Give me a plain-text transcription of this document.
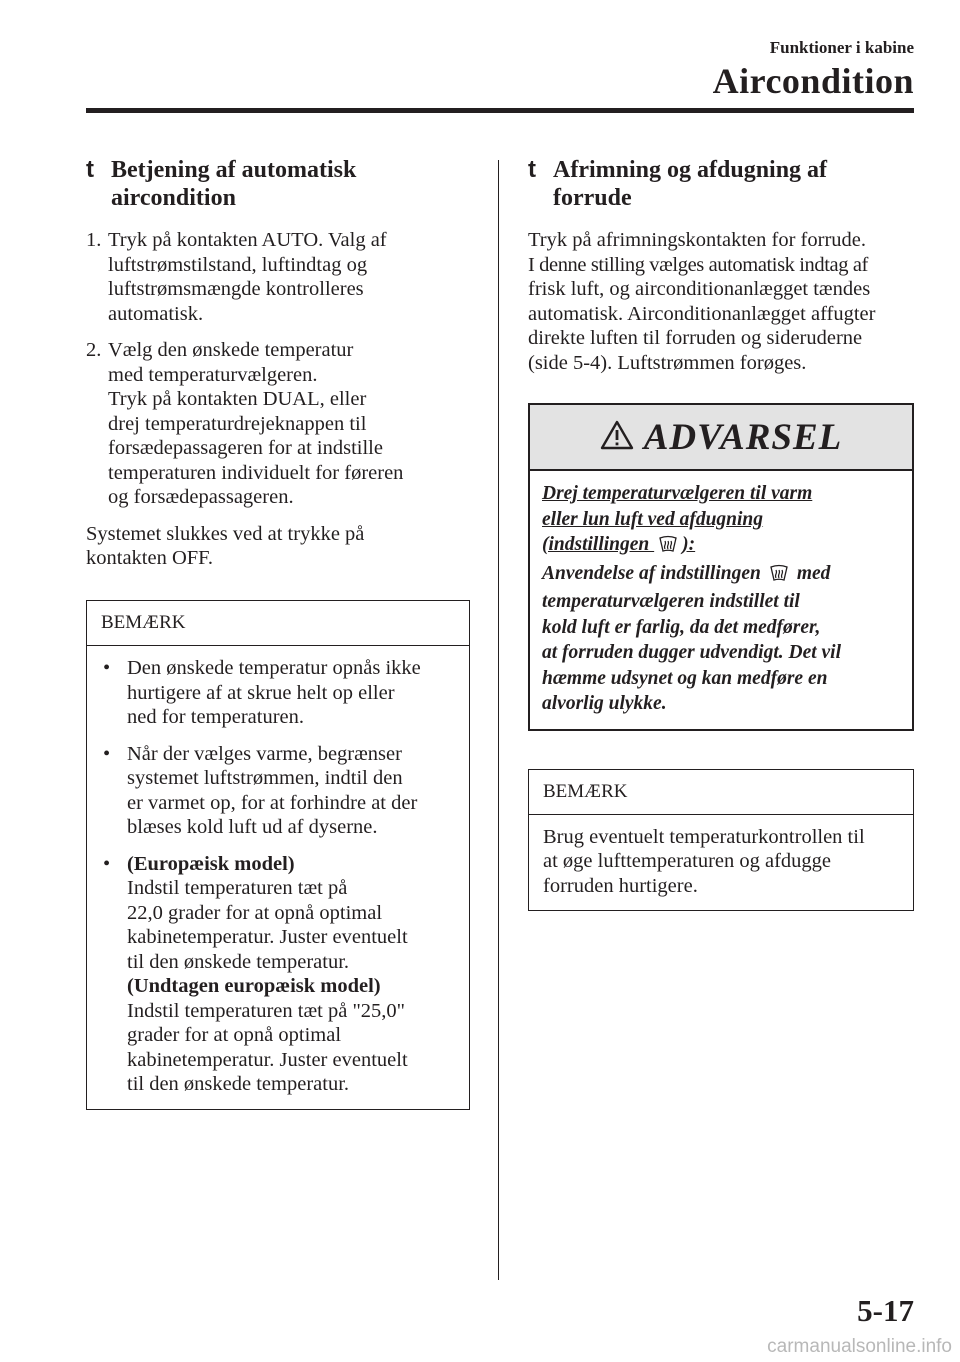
Funktioner i kabine
Aircondition
t Betjening af automatisk
aircondition
1. Tryk på kontakten AUTO. Valg af
luftstrømstilstand, luftindtag og
luftstrømsmængde kontrolleres
automatisk.
2. Vælg den ønskede temperatur
med temperaturvælgeren.
Tryk på kontakten DUAL, eller
drej temperaturdrejeknappen til
forsædepassageren for at indstille
temperaturen individuelt for føreren
og forsædepassageren.

Systemet slukkes ved at trykke på
kontakten OFF.

BEMÆRK
• Den ønskede temperatur opnås ikke
hurtigere af at skrue helt op eller
ned for temperaturen.
• Når der vælges varme, begrænser
systemet luftstrømmen, indtil den
er varmet op, for at forhindre at der
blæses kold luft ud af dyserne.
• (Europæisk model)
Indstil temperaturen tæt på
22,0 grader for at opnå optimal
kabinetemperatur. Juster eventuelt
til den ønskede temperatur.
(Undtagen europæisk model)
Indstil temperaturen tæt på "25,0"
grader for at opnå optimal
kabinetemperatur. Juster eventuelt
til den ønskede temperatur.
t Afrimning og afdugning af
forrude

Tryk på afrimningskontakten for forrude.
I denne stilling vælges automatisk indtag af
frisk luft, og airconditionanlægget tændes
automatisk. Airconditionanlægget affugter
direkte luften til forruden og sideruderne
(side 5-4). Luftstrømmen forøges.

ADVARSEL
Drej temperaturvælgeren til varm
eller lun luft ved afdugning
(indstillingen ):
Anvendelse af indstillingen med
temperaturvælgeren indstillet til
kold luft er farlig, da det medfører,
at forruden dugger udvendigt. Det vil
hæmme udsynet og kan medføre en
alvorlig ulykke.
BEMÆRK
Brug eventuelt temperaturkontrollen til
at øge lufttemperaturen og afdugge
forruden hurtigere.
5-17
carmanualsonline.info
